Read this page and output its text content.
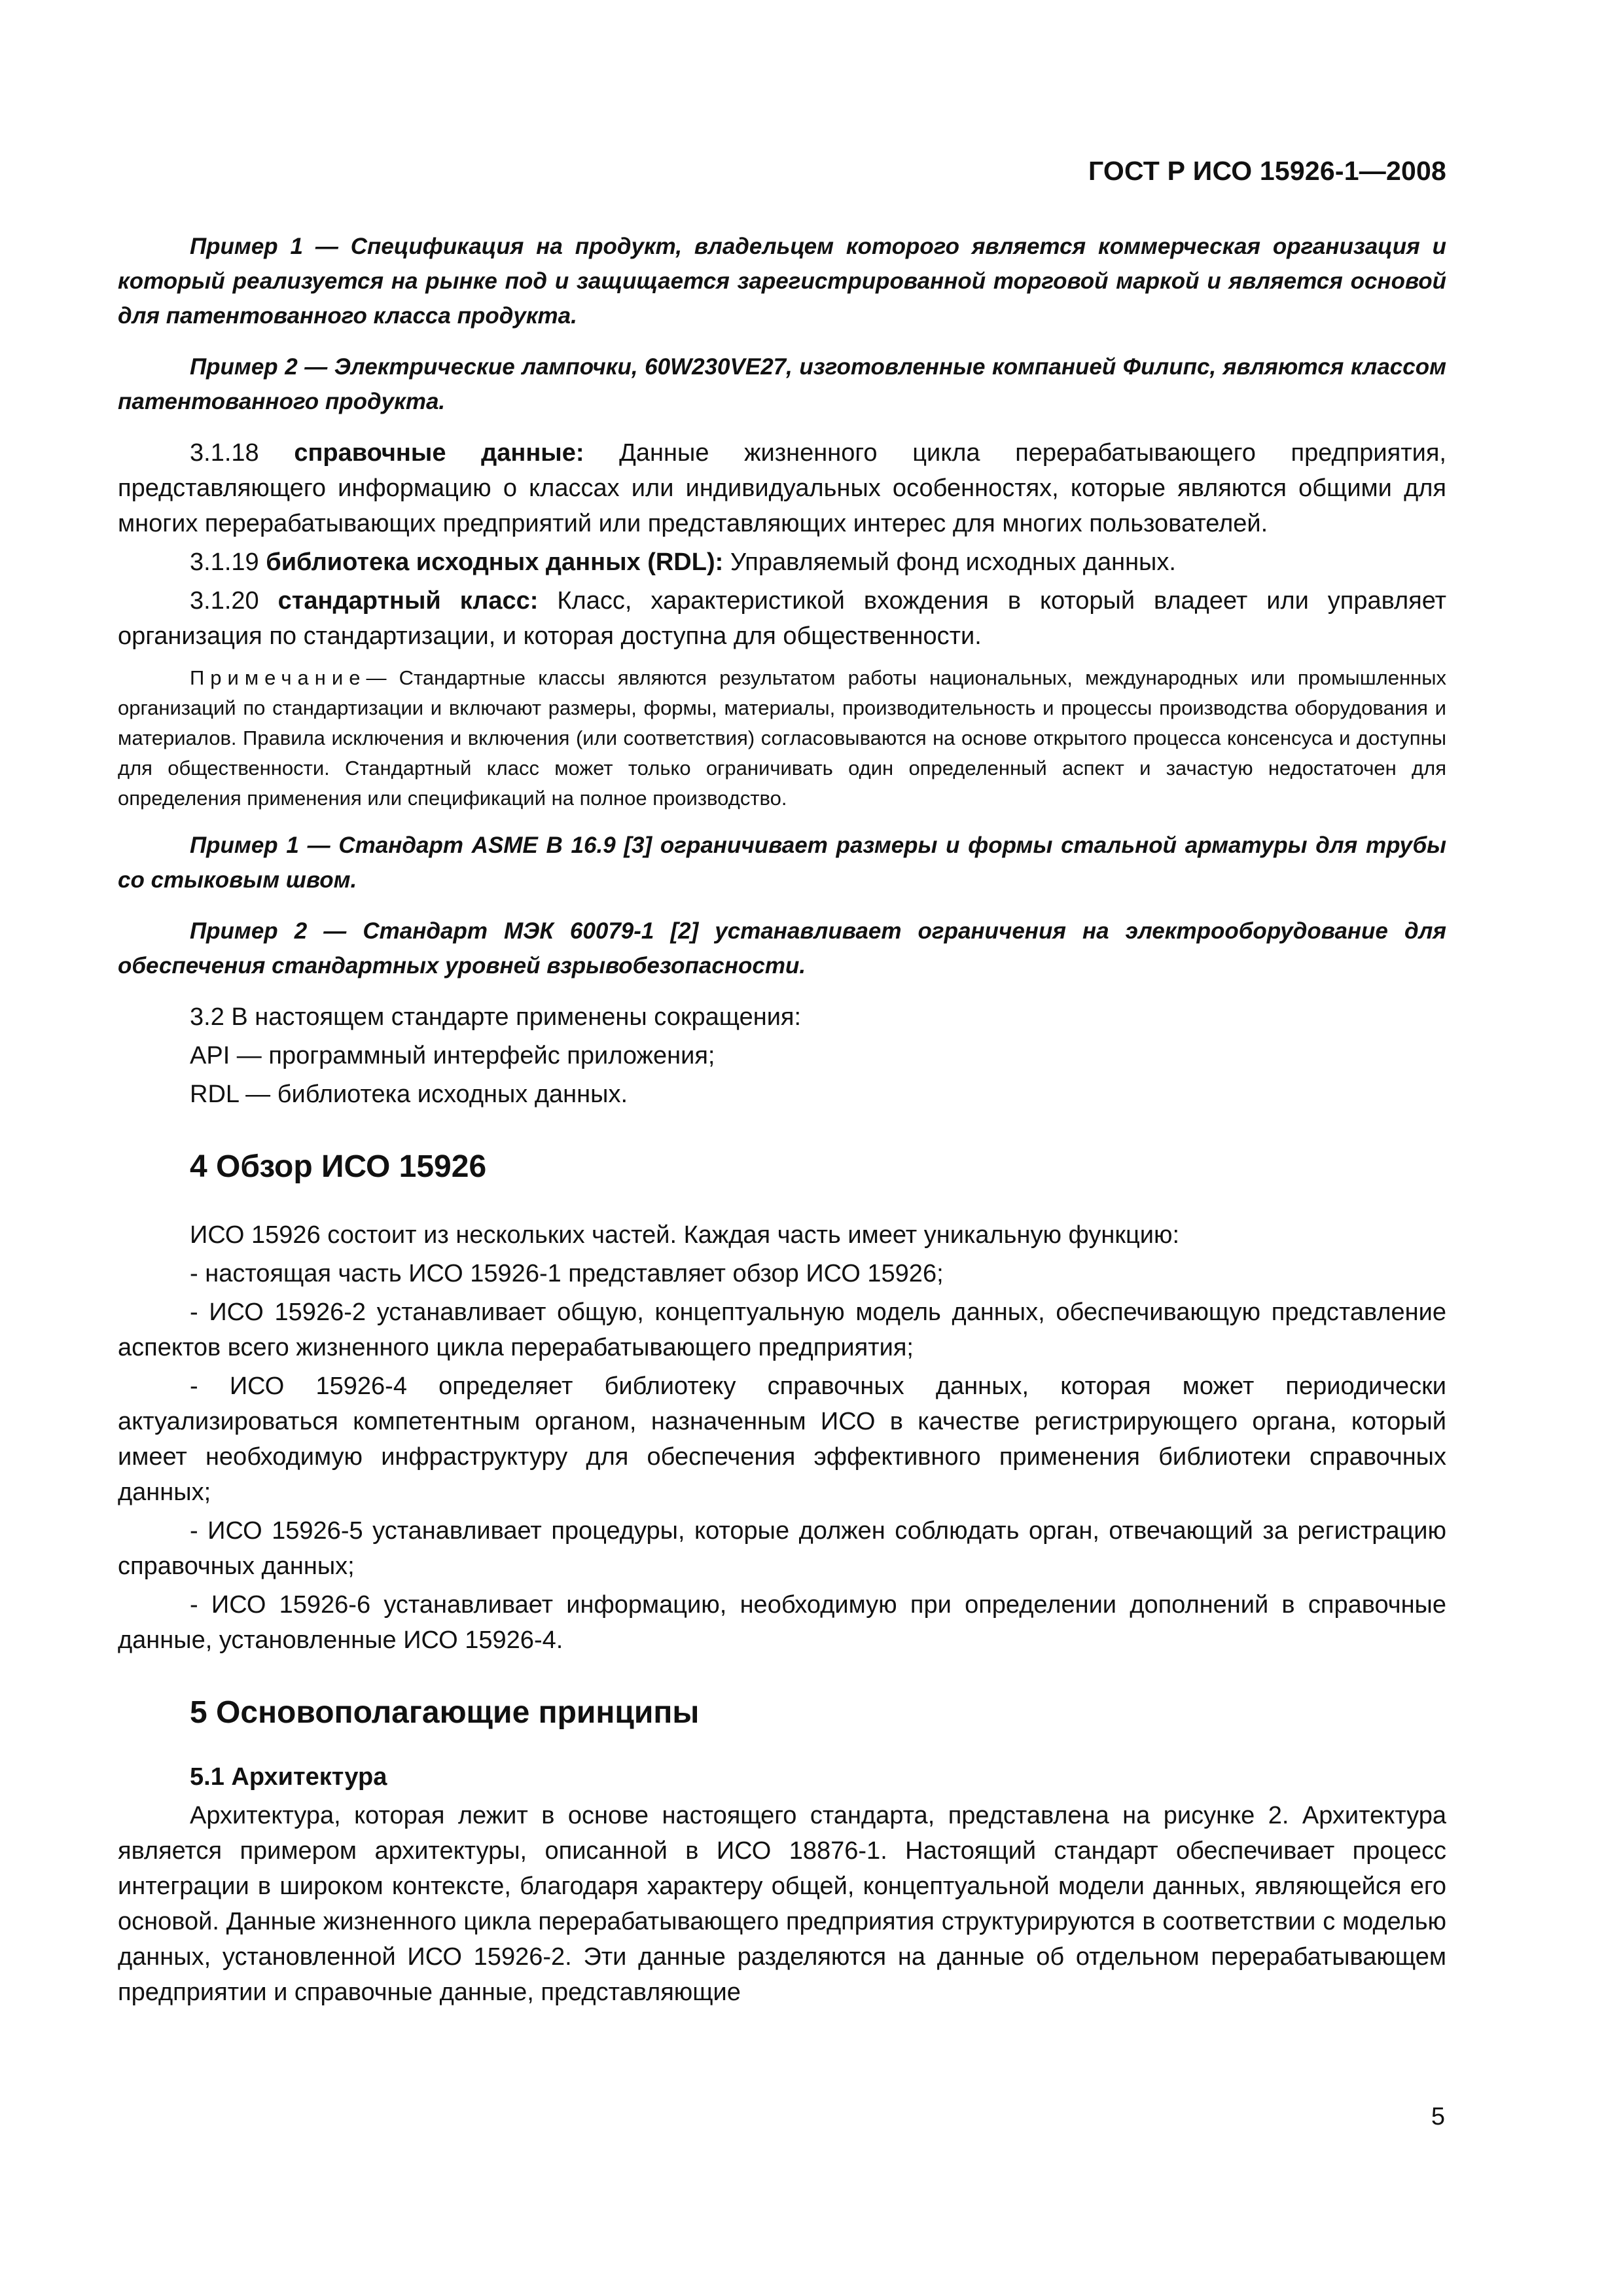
ГОСТ Р ИСО 15926-1—2008

Пример 1 — Спецификация на продукт, владельцем которого является коммерческая организация и который реализуется на рынке под и защищается зарегистрированной торговой маркой и является основой для патентованного класса продукта.

Пример 2 — Электрические лампочки, 60W230VE27, изготовленные компанией Филипс, являются классом патентованного продукта.

3.1.18 справочные данные: Данные жизненного цикла перерабатывающего предприятия, представляющего информацию о классах или индивидуальных особенностях, которые являются общими для многих перерабатывающих предприятий или представляющих интерес для многих пользователей.

3.1.19 библиотека исходных данных (RDL): Управляемый фонд исходных данных.

3.1.20 стандартный класс: Класс, характеристикой вхождения в который владеет или управляет организация по стандартизации, и которая доступна для общественности.

Примечание— Стандартные классы являются результатом работы национальных, международных или промышленных организаций по стандартизации и включают размеры, формы, материалы, производительность и процессы производства оборудования и материалов. Правила исключения и включения (или соответствия) согласовываются на основе открытого процесса консенсуса и доступны для общественности. Стандартный класс может только ограничивать один определенный аспект и зачастую недостаточен для определения применения или спецификаций на полное производство.

Пример 1 — Стандарт ASME B 16.9 [3] ограничивает размеры и формы стальной арматуры для трубы со стыковым швом.

Пример 2 — Стандарт МЭК 60079-1 [2] устанавливает ограничения на электрооборудование для обеспечения стандартных уровней взрывобезопасности.

3.2 В настоящем стандарте применены сокращения:

API — программный интерфейс приложения;

RDL — библиотека исходных данных.

4 Обзор ИСО 15926

ИСО 15926 состоит из нескольких частей. Каждая часть имеет уникальную функцию:

- настоящая часть ИСО 15926-1 представляет обзор ИСО 15926;

- ИСО 15926-2 устанавливает общую, концептуальную модель данных, обеспечивающую представление аспектов всего жизненного цикла перерабатывающего предприятия;

- ИСО 15926-4 определяет библиотеку справочных данных, которая может периодически актуализироваться компетентным органом, назначенным ИСО в качестве регистрирующего органа, который имеет необходимую инфраструктуру для обеспечения эффективного применения библиотеки справочных данных;

- ИСО 15926-5 устанавливает процедуры, которые должен соблюдать орган, отвечающий за регистрацию справочных данных;

- ИСО 15926-6 устанавливает информацию, необходимую при определении дополнений в справочные данные, установленные ИСО 15926-4.

5 Основополагающие принципы
5.1 Архитектура

Архитектура, которая лежит в основе настоящего стандарта, представлена на рисунке 2. Архитектура является примером архитектуры, описанной в ИСО 18876-1. Настоящий стандарт обеспечивает процесс интеграции в широком контексте, благодаря характеру общей, концептуальной модели данных, являющейся его основой. Данные жизненного цикла перерабатывающего предприятия структурируются в соответствии с моделью данных, установленной ИСО 15926-2. Эти данные разделяются на данные об отдельном перерабатывающем предприятии и справочные данные, представляющие

5
